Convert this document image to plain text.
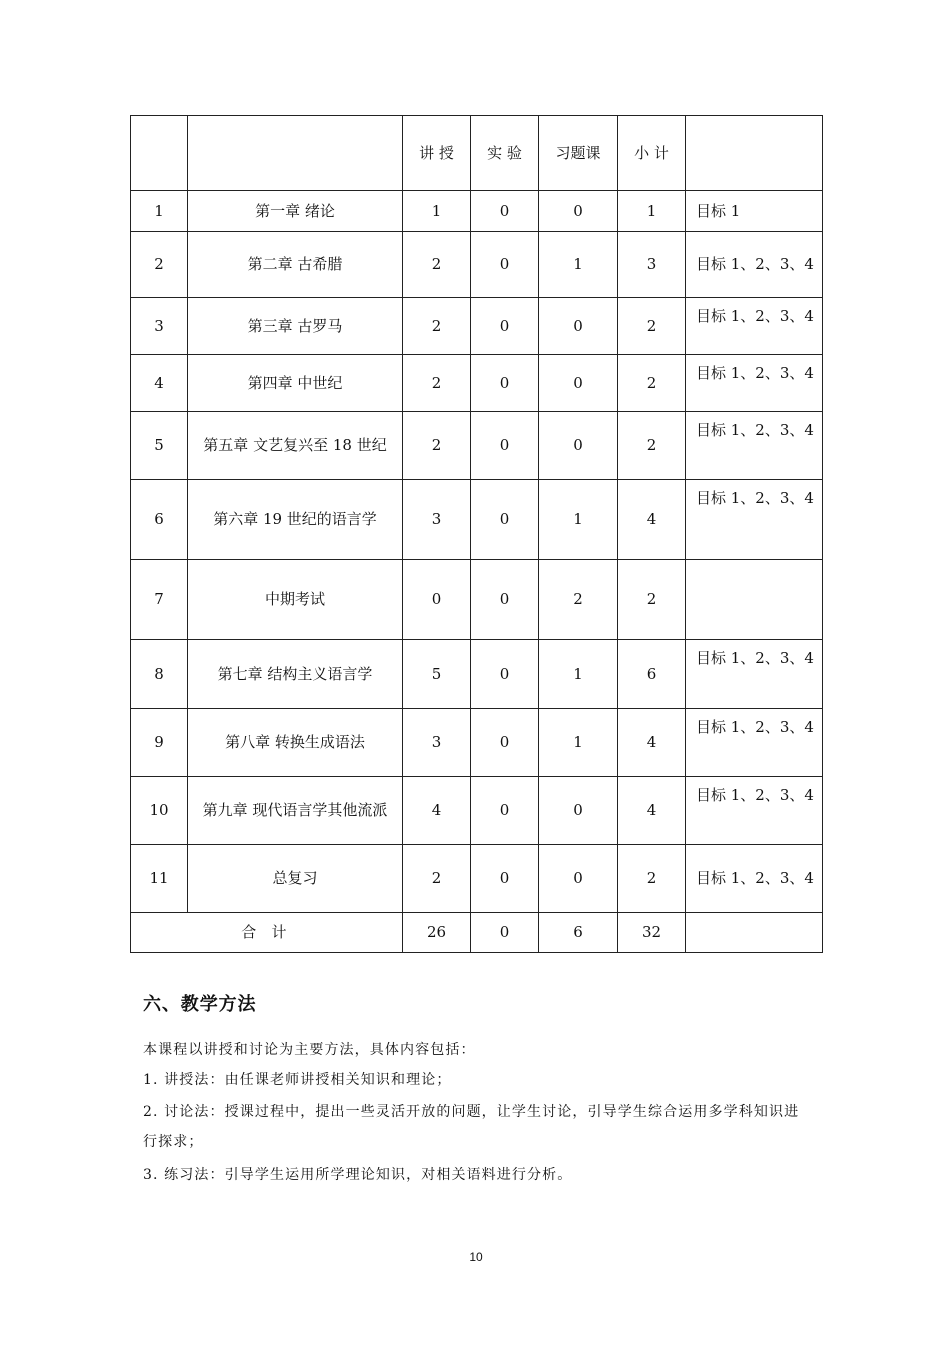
		讲 授	实 验	习题课	小 计	
1	第一章 绪论	1	0	0	1	目标 1
2	第二章 古希腊	2	0	1	3	目标 1、2、3、4
3	第三章 古罗马	2	0	0	2	目标 1、2、3、4
4	第四章 中世纪	2	0	0	2	目标 1、2、3、4
5	第五章 文艺复兴至 18 世纪	2	0	0	2	目标 1、2、3、4
6	第六章 19 世纪的语言学	3	0	1	4	目标 1、2、3、4
7	中期考试	0	0	2	2	
8	第七章 结构主义语言学	5	0	1	6	目标 1、2、3、4
9	第八章 转换生成语法	3	0	1	4	目标 1、2、3、4
10	第九章 现代语言学其他流派	4	0	0	4	目标 1、2、3、4
11	总复习	2	0	0	2	目标 1、2、3、4
合 计		26	0	6	32	
六、教学方法

本课程以讲授和讨论为主要方法，具体内容包括：

1. 讲授法：由任课老师讲授相关知识和理论；

2. 讨论法：授课过程中，提出一些灵活开放的问题，让学生讨论，引导学生综合运用多学科知识进行探求；

3. 练习法：引导学生运用所学理论知识，对相关语料进行分析。

10
